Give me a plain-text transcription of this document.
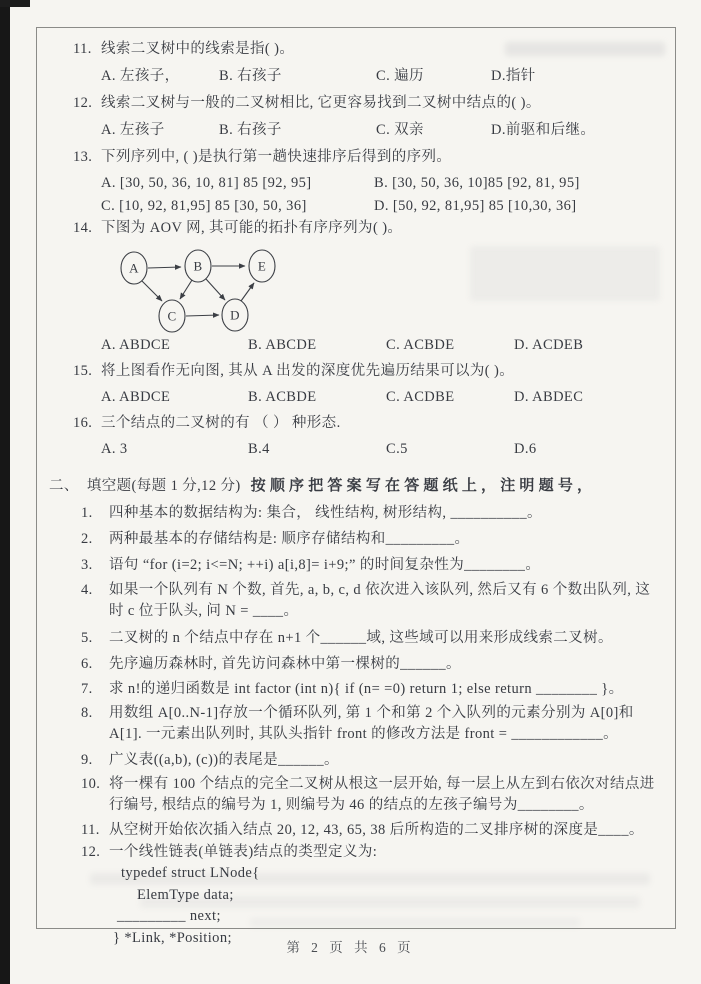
11. 线索二叉树中的线索是指( )。
A. 左孩子，	B. 右孩子	C. 遍历	D.指针
12. 线索二叉树与一般的二叉树相比, 它更容易找到二叉树中结点的( )。
A. 左孩子	B. 右孩子	C. 双亲	D.前驱和后继。
13. 下列序列中, ( )是执行第一趟快速排序后得到的序列。
A. [30, 50, 36, 10, 81] 85 [92, 95]	B. [30, 50, 36, 10]85 [92, 81, 95]
C. [10, 92, 81,95] 85 [30, 50, 36]	D. [50, 92, 81,95] 85 [10,30, 36]
14. 下图为 AOV 网, 其可能的拓扑有序序列为( )。
A	B
C	D
E
A. ABDCE	B. ABCDE	C. ACBDE	D. ACDEB
15. 将上图看作无向图, 其从 A 出发的深度优先遍历结果可以为( )。
A. ABDCE	B. ACBDE	C. ACDBE	D. ABDEC
16. 三个结点的二叉树的有 （ ） 种形态.
A. 3	B.4	C.5	D.6
二、 填空题(每题 1 分,12 分) 按顺序把答案写在答题纸上，注明题号，
1.	四种基本的数据结构为: 集合， 线性结构, 树形结构, __________。
2.	两种最基本的存储结构是: 顺序存储结构和_________。
3.	语句 “for (i=2; i<=N; ++i) a[i,8]= i+9;” 的时间复杂性为________。
4.	如果一个队列有 N 个数, 首先, a, b, c, d 依次进入该队列, 然后又有 6 个数出队列, 这时 c 位于队头, 问 N = ____。
5.	二叉树的 n 个结点中存在 n+1 个______域, 这些域可以用来形成线索二叉树。
6.	先序遍历森林时, 首先访问森林中第一棵树的______。
7.	求 n!的递归函数是 int factor (int n){ if (n= =0) return 1; else return ________ }。
8.	用数组 A[0..N-1]存放一个循环队列, 第 1 个和第 2 个入队列的元素分别为 A[0]和 A[1]. 一元素出队列时, 其队头指针 front 的修改方法是 front = ____________。
9.	广义表((a,b), (c))的表尾是______。
10. 将一棵有 100 个结点的完全二叉树从根这一层开始, 每一层上从左到右依次对结点进行编号, 根结点的编号为 1, 则编号为 46 的结点的左孩子编号为________。
11. 从空树开始依次插入结点 20, 12, 43, 65, 38 后所构造的二叉排序树的深度是____。
12. 一个线性链表(单链表)结点的类型定义为:
typedef struct LNode{
ElemType data;
_________ next;
} *Link, *Position;
第 2 页 共 6 页
